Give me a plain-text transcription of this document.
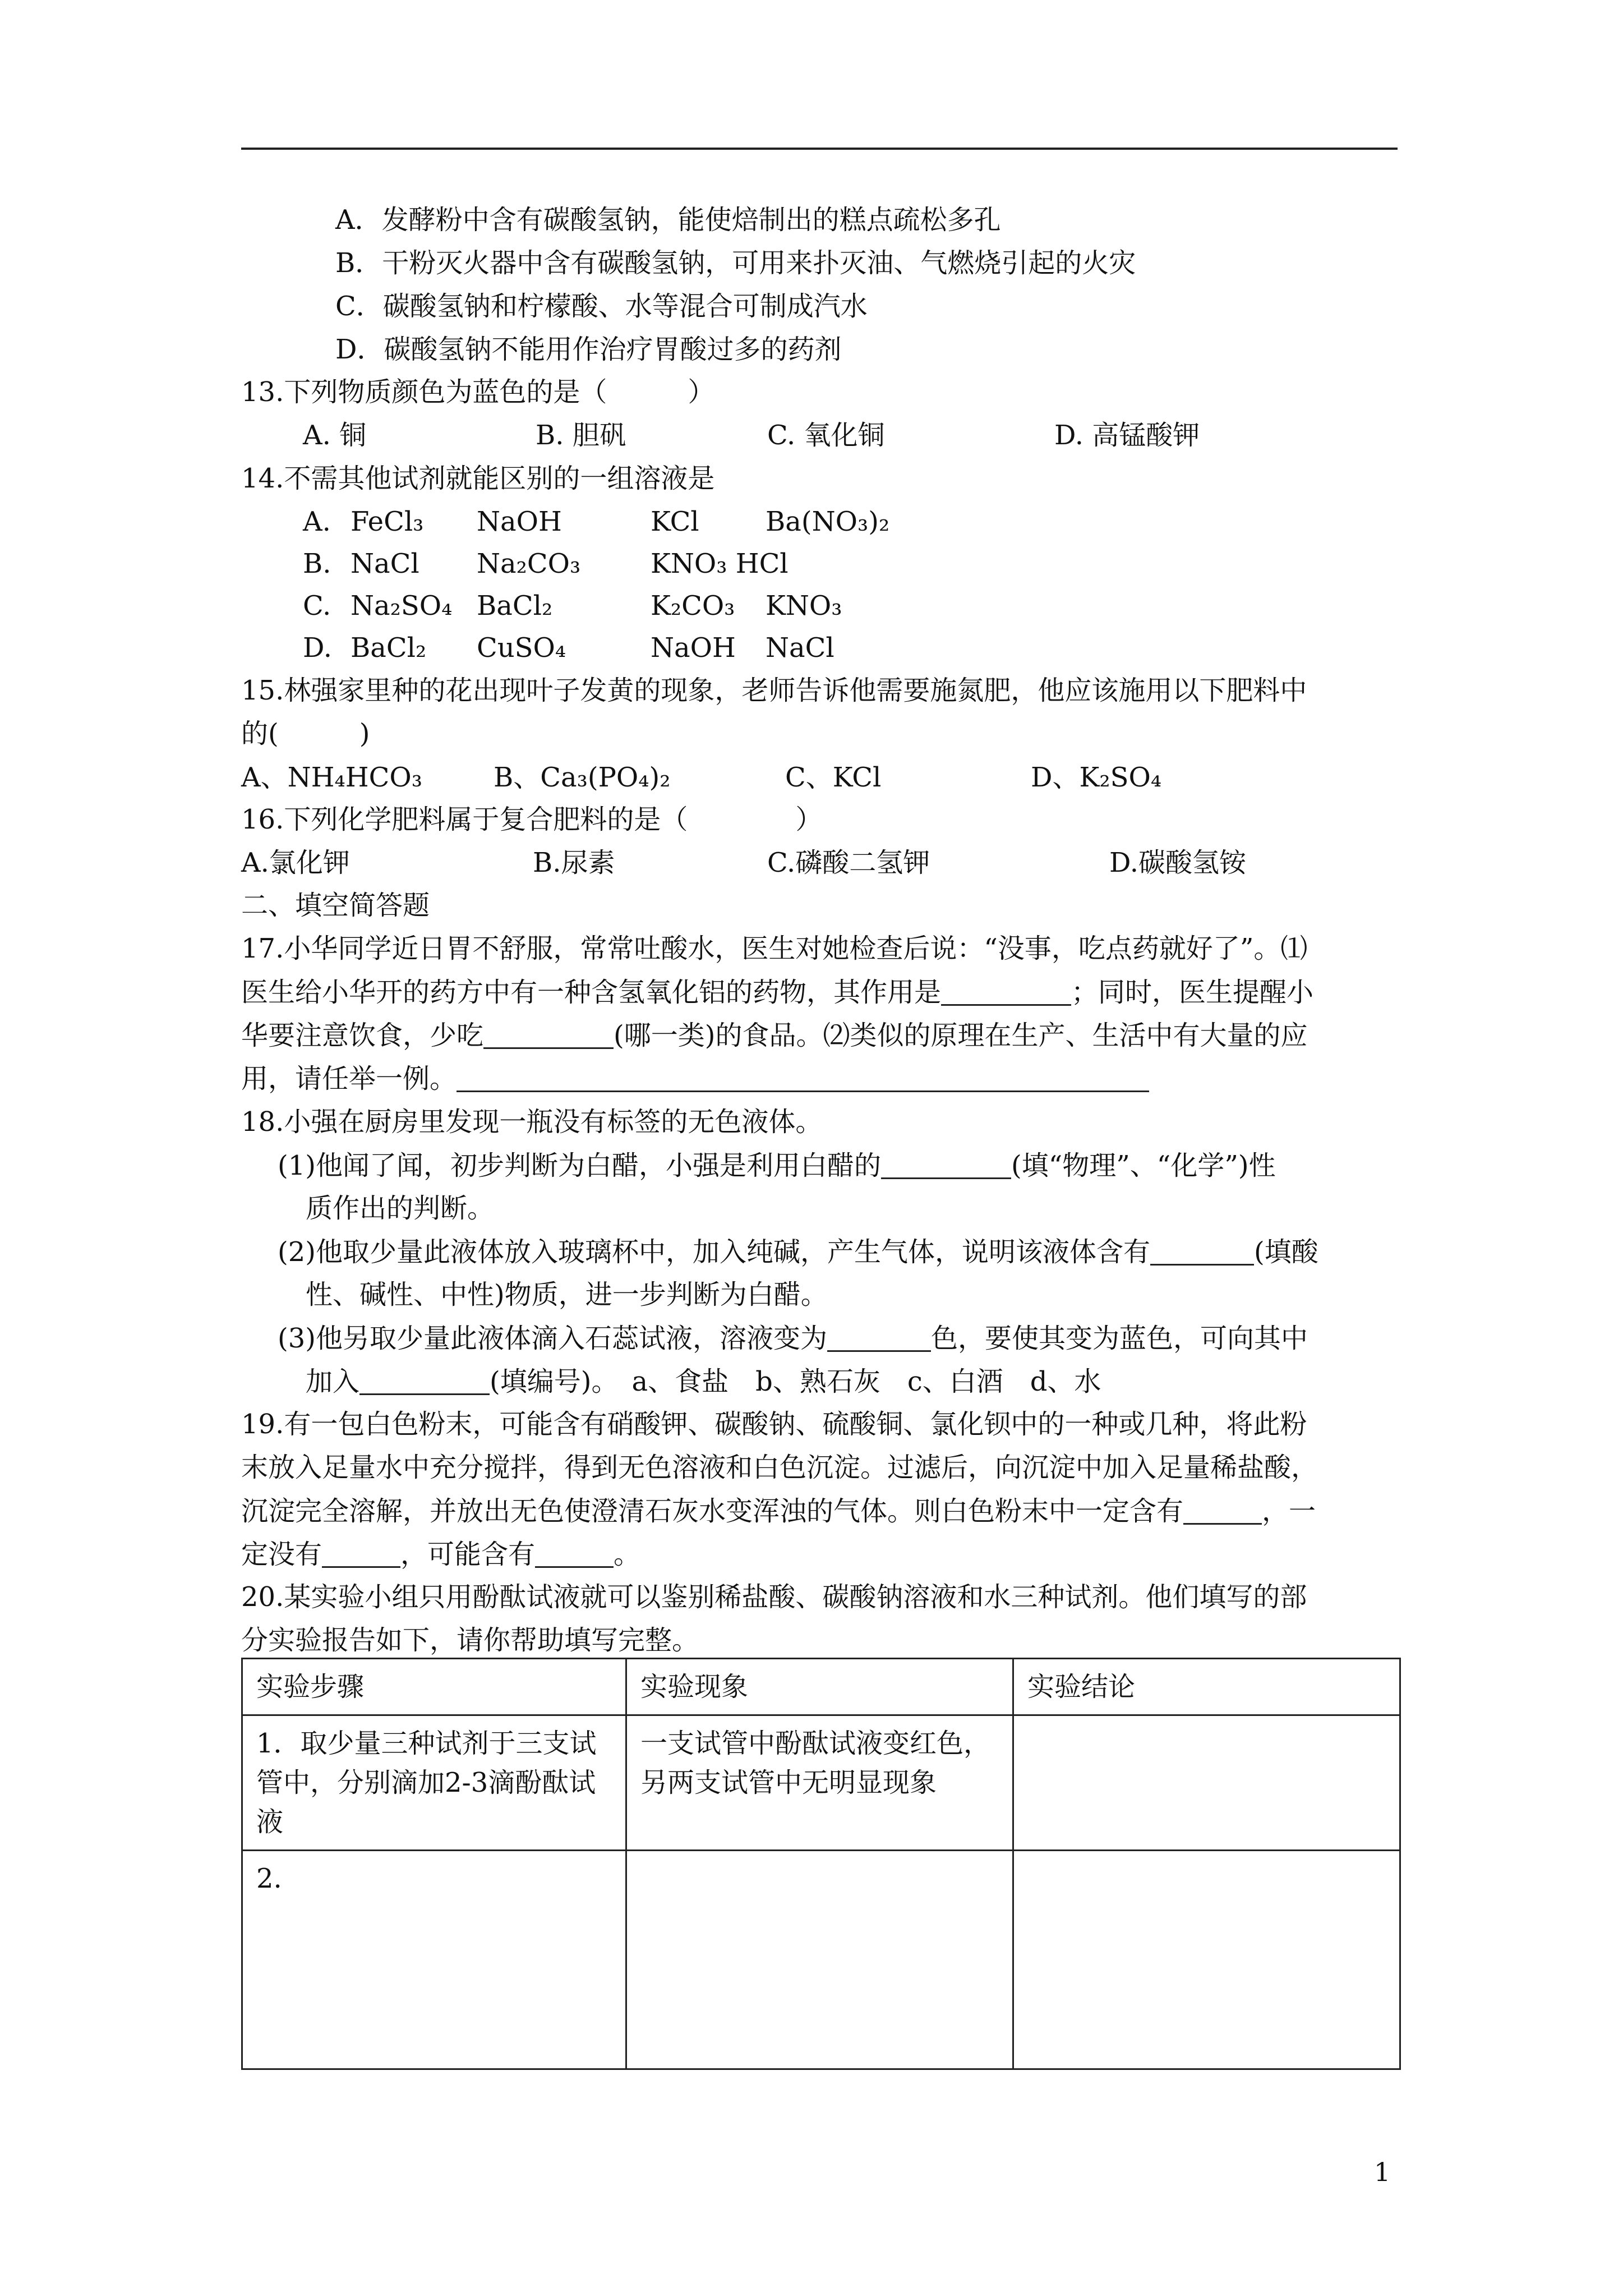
A．发酵粉中含有碳酸氢钠，能使焙制出的糕点疏松多孔
B．干粉灭火器中含有碳酸氢钠，可用来扑灭油、气燃烧引起的火灾
C．碳酸氢钠和柠檬酸、水等混合可制成汽水
D．碳酸氢钠不能用作治疗胃酸过多的药剂
13.下列物质颜色为蓝色的是（　　　）
A. 铜	B. 胆矾	C. 氧化铜	D. 高锰酸钾
14.不需其他试剂就能区别的一组溶液是
A. FeCl₃ NaOH	KCl Ba(NO₃)₂
B. NaCl Na₂CO₃	KNO₃ HCl
C. Na₂SO₄ BaCl₂	K₂CO₃ KNO₃
D. BaCl₂ CuSO₄	NaOH NaCl
15.林强家里种的花出现叶子发黄的现象，老师告诉他需要施氮肥，他应该施用以下肥料中
的(　　　)
A、NH₄HCO₃	B、Ca₃(PO₄)₂	C、KCl	D、K₂SO₄
16.下列化学肥料属于复合肥料的是（　　　　）
A.氯化钾	B.尿素	C.磷酸二氢钾	D.碳酸氢铵
二、填空简答题
17.小华同学近日胃不舒服，常常吐酸水，医生对她检查后说：“没事，吃点药就好了”。⑴
医生给小华开的药方中有一种含氢氧化铝的药物，其作用是	；同时，医生提醒小
华要注意饮食，少吃	(哪一类)的食品。⑵类似的原理在生产、生活中有大量的应
用，请任举一例。
18.小强在厨房里发现一瓶没有标签的无色液体。
(1)他闻了闻，初步判断为白醋，小强是利用白醋的	(填“物理”、“化学”)性
质作出的判断。
(2)他取少量此液体放入玻璃杯中，加入纯碱，产生气体，说明该液体含有	(填酸
性、碱性、中性)物质，进一步判断为白醋。
(3)他另取少量此液体滴入石蕊试液，溶液变为	色，要使其变为蓝色，可向其中
加入	(填编号)。　a、食盐　b、熟石灰　c、白酒　d、水
19.有一包白色粉末，可能含有硝酸钾、碳酸钠、硫酸铜、氯化钡中的一种或几种，将此粉
末放入足量水中充分搅拌，得到无色溶液和白色沉淀。过滤后，向沉淀中加入足量稀盐酸，
沉淀完全溶解，并放出无色使澄清石灰水变浑浊的气体。则白色粉末中一定含有	，一
定没有	，可能含有	。
20.某实验小组只用酚酞试液就可以鉴别稀盐酸、碳酸钠溶液和水三种试剂。他们填写的部
分实验报告如下，请你帮助填写完整。
实验步骤	实验现象	实验结论
1．取少量三种试剂于三支试管中，分别滴加2-3滴酚酞试液	一支试管中酚酞试液变红色，另两支试管中无明显现象	
2.		
1
